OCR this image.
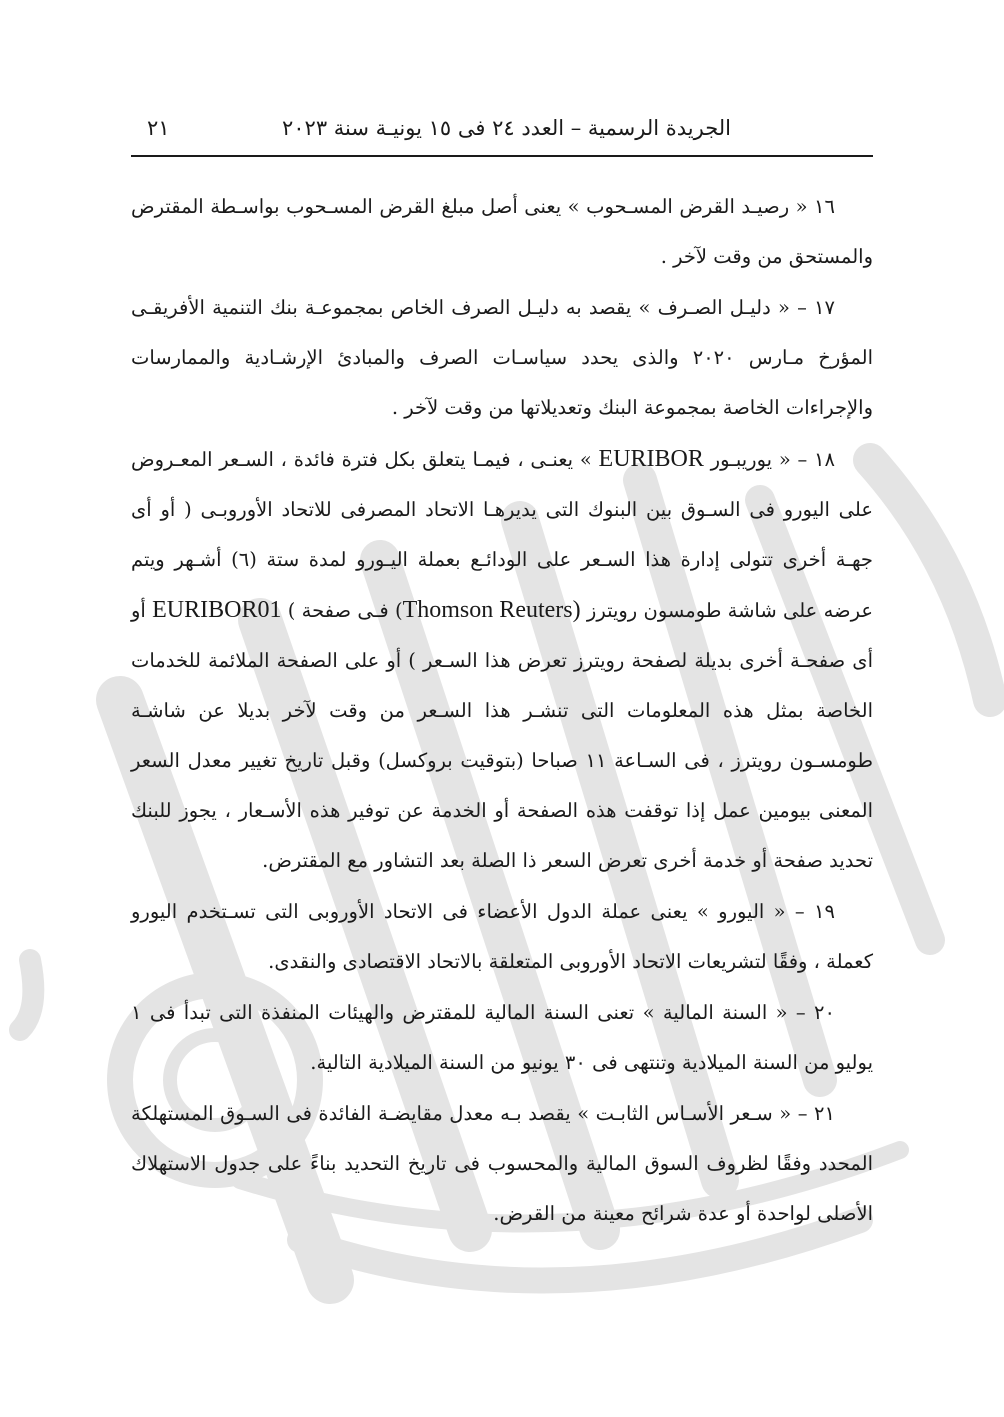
الجريدة الرسمية – العدد ٢٤ فى ١٥ يونيـة سنة ٢٠٢٣
٢١

١٦ « رصيـد القرض المسـحوب » يعنى أصل مبلغ القرض المسـحوب بواسـطة المقترض والمستحق من وقت لآخر .

١٧ – « دليـل الصـرف » يقصد به دليـل الصرف الخاص بمجموعـة بنك التنمية الأفريقـى المؤرخ مـارس ٢٠٢٠ والذى يحدد سياسـات الصرف والمبادئ الإرشـادية والممارسات والإجراءات الخاصة بمجموعة البنك وتعديلاتها من وقت لآخر .

١٨ – « يوريبـور EURIBOR » يعنـى ، فيمـا يتعلق بكل فترة فائدة ، السـعر المعـروض على اليورو فى السـوق بين البنوك التى يديرهـا الاتحاد المصرفى للاتحاد الأوروبـى ( أو أى جهـة أخرى تتولى إدارة هذا السـعر على الودائـع بعملة اليـورو لمدة ستة (٦) أشـهر ويتم عرضه على شاشة طومسون رويترز Thomson Reuters)) فـى صفحة ) EURIBOR01 أو أى صفحـة أخرى بديلة لصفحة رويترز تعرض هذا السـعر ) أو على الصفحة الملائمة للخدمات الخاصة بمثل هذه المعلومات التى تنشـر هذا السـعر من وقت لآخر بديلا عن شاشـة طومسـون رويترز ، فى السـاعة ١١ صباحا (بتوقيت بروكسل) وقبل تاريخ تغيير معدل السعر المعنى بيومين عمل إذا توقفت هذه الصفحة أو الخدمة عن توفير هذه الأسـعار ، يجوز للبنك تحديد صفحة أو خدمة أخرى تعرض السعر ذا الصلة بعد التشاور مع المقترض.

١٩ – « اليورو » يعنى عملة الدول الأعضاء فى الاتحاد الأوروبى التى تسـتخدم اليورو كعملة ، وفقًا لتشريعات الاتحاد الأوروبى المتعلقة بالاتحاد الاقتصادى والنقدى.

٢٠ – « السنة المالية » تعنى السنة المالية للمقترض والهيئات المنفذة التى تبدأ فى ١ يوليو من السنة الميلادية وتنتهى فى ٣٠ يونيو من السنة الميلادية التالية.

٢١ – « سـعر الأسـاس الثابـت » يقصد بـه معدل مقايضـة الفائدة فى السـوق المستهلكة المحدد وفقًا لظروف السوق المالية والمحسوب فى تاريخ التحديد بناءً على جدول الاستهلاك الأصلى لواحدة أو عدة شرائح معينة من القرض.
